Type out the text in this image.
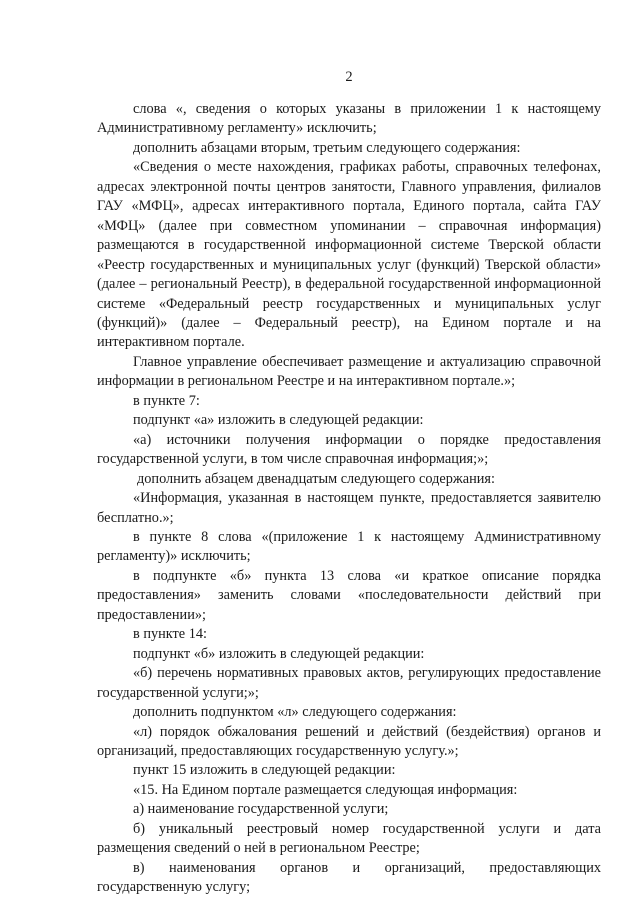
2

слова «, сведения о которых указаны в приложении 1 к настоящему Административному регламенту» исключить;

дополнить абзацами вторым, третьим следующего содержания:

«Сведения о месте нахождения, графиках работы, справочных телефонах, адресах электронной почты центров занятости, Главного управления, филиалов ГАУ «МФЦ», адресах интерактивного портала, Единого портала, сайта ГАУ «МФЦ» (далее при совместном упоминании – справочная информация) размещаются в государственной информационной системе Тверской области «Реестр государственных и муниципальных услуг (функций) Тверской области» (далее – региональный Реестр), в федеральной государственной информационной системе «Федеральный реестр государственных и муниципальных услуг (функций)» (далее – Федеральный реестр), на Едином портале и на интерактивном портале.

Главное управление обеспечивает размещение и актуализацию справочной информации в региональном Реестре и на интерактивном портале.»;

в пункте 7:

подпункт «а» изложить в следующей редакции:

«а) источники получения информации о порядке предоставления государственной услуги, в том числе справочная информация;»;

дополнить абзацем двенадцатым следующего содержания:

«Информация, указанная в настоящем пункте, предоставляется заявителю бесплатно.»;

в пункте 8 слова «(приложение 1 к настоящему Административному регламенту)» исключить;

в подпункте «б» пункта 13 слова «и краткое описание порядка предоставления» заменить словами «последовательности действий при предоставлении»;

в пункте 14:

подпункт «б» изложить в следующей редакции:

«б) перечень нормативных правовых актов, регулирующих предоставление государственной услуги;»;

дополнить подпунктом «л» следующего содержания:

«л) порядок обжалования решений и действий (бездействия) органов и организаций, предоставляющих государственную услугу.»;

пункт 15 изложить в следующей редакции:

«15. На Едином портале размещается следующая информация:

а) наименование государственной услуги;

б) уникальный реестровый номер государственной услуги и дата размещения сведений о ней в региональном Реестре;

в) наименования органов и организаций, предоставляющих государственную услугу;
